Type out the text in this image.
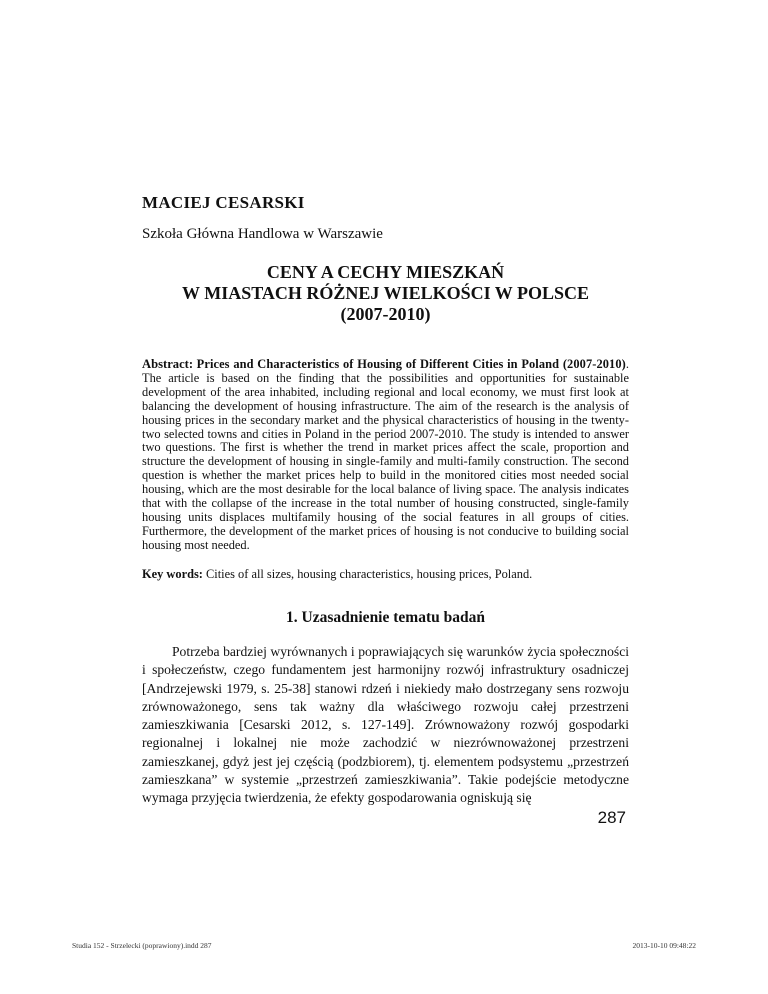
MACIEJ CESARSKI

Szkoła Główna Handlowa w Warszawie

CENY A CECHY MIESZKAŃ
W MIASTACH RÓŻNEJ WIELKOŚCI W POLSCE
(2007-2010)

Abstract: Prices and Characteristics of Housing of Different Cities in Poland (2007-2010). The article is based on the finding that the possibilities and opportunities for sustainable development of the area inhabited, including regional and local economy, we must first look at balancing the development of housing infrastructure. The aim of the research is the analysis of housing prices in the secondary market and the physical characteristics of housing in the twenty-two selected towns and cities in Poland in the period 2007-2010. The study is intended to answer two questions. The first is whether the trend in market prices affect the scale, proportion and structure the development of housing in single-family and multi-family construction. The second question is whether the market prices help to build in the monitored cities most needed social housing, which are the most desirable for the local balance of living space. The analysis indicates that with the collapse of the increase in the total number of housing constructed, single-family housing units displaces multifamily housing of the social features in all groups of cities. Furthermore, the development of the market prices of housing is not conducive to building social housing most needed.

Key words: Cities of all sizes, housing characteristics, housing prices, Poland.

1. Uzasadnienie tematu badań

Potrzeba bardziej wyrównanych i poprawiających się warunków życia społeczności i społeczeństw, czego fundamentem jest harmonijny rozwój infrastruktury osadniczej [Andrzejewski 1979, s. 25-38] stanowi rdzeń i niekiedy mało dostrzegany sens rozwoju zrównoważonego, sens tak ważny dla właściwego rozwoju całej przestrzeni zamieszkiwania [Cesarski 2012, s. 127-149]. Zrównoważony rozwój gospodarki regionalnej i lokalnej nie może zachodzić w niezrównoważonej przestrzeni zamieszkanej, gdyż jest jej częścią (podzbiorem), tj. elementem podsystemu „przestrzeń zamieszkana” w systemie „przestrzeń zamieszkiwania”. Takie podejście metodyczne wymaga przyjęcia twierdzenia, że efekty gospodarowania ogniskują się

287

Studia 152 - Strzelecki (poprawiony).indd 287	2013-10-10 09:48:22
